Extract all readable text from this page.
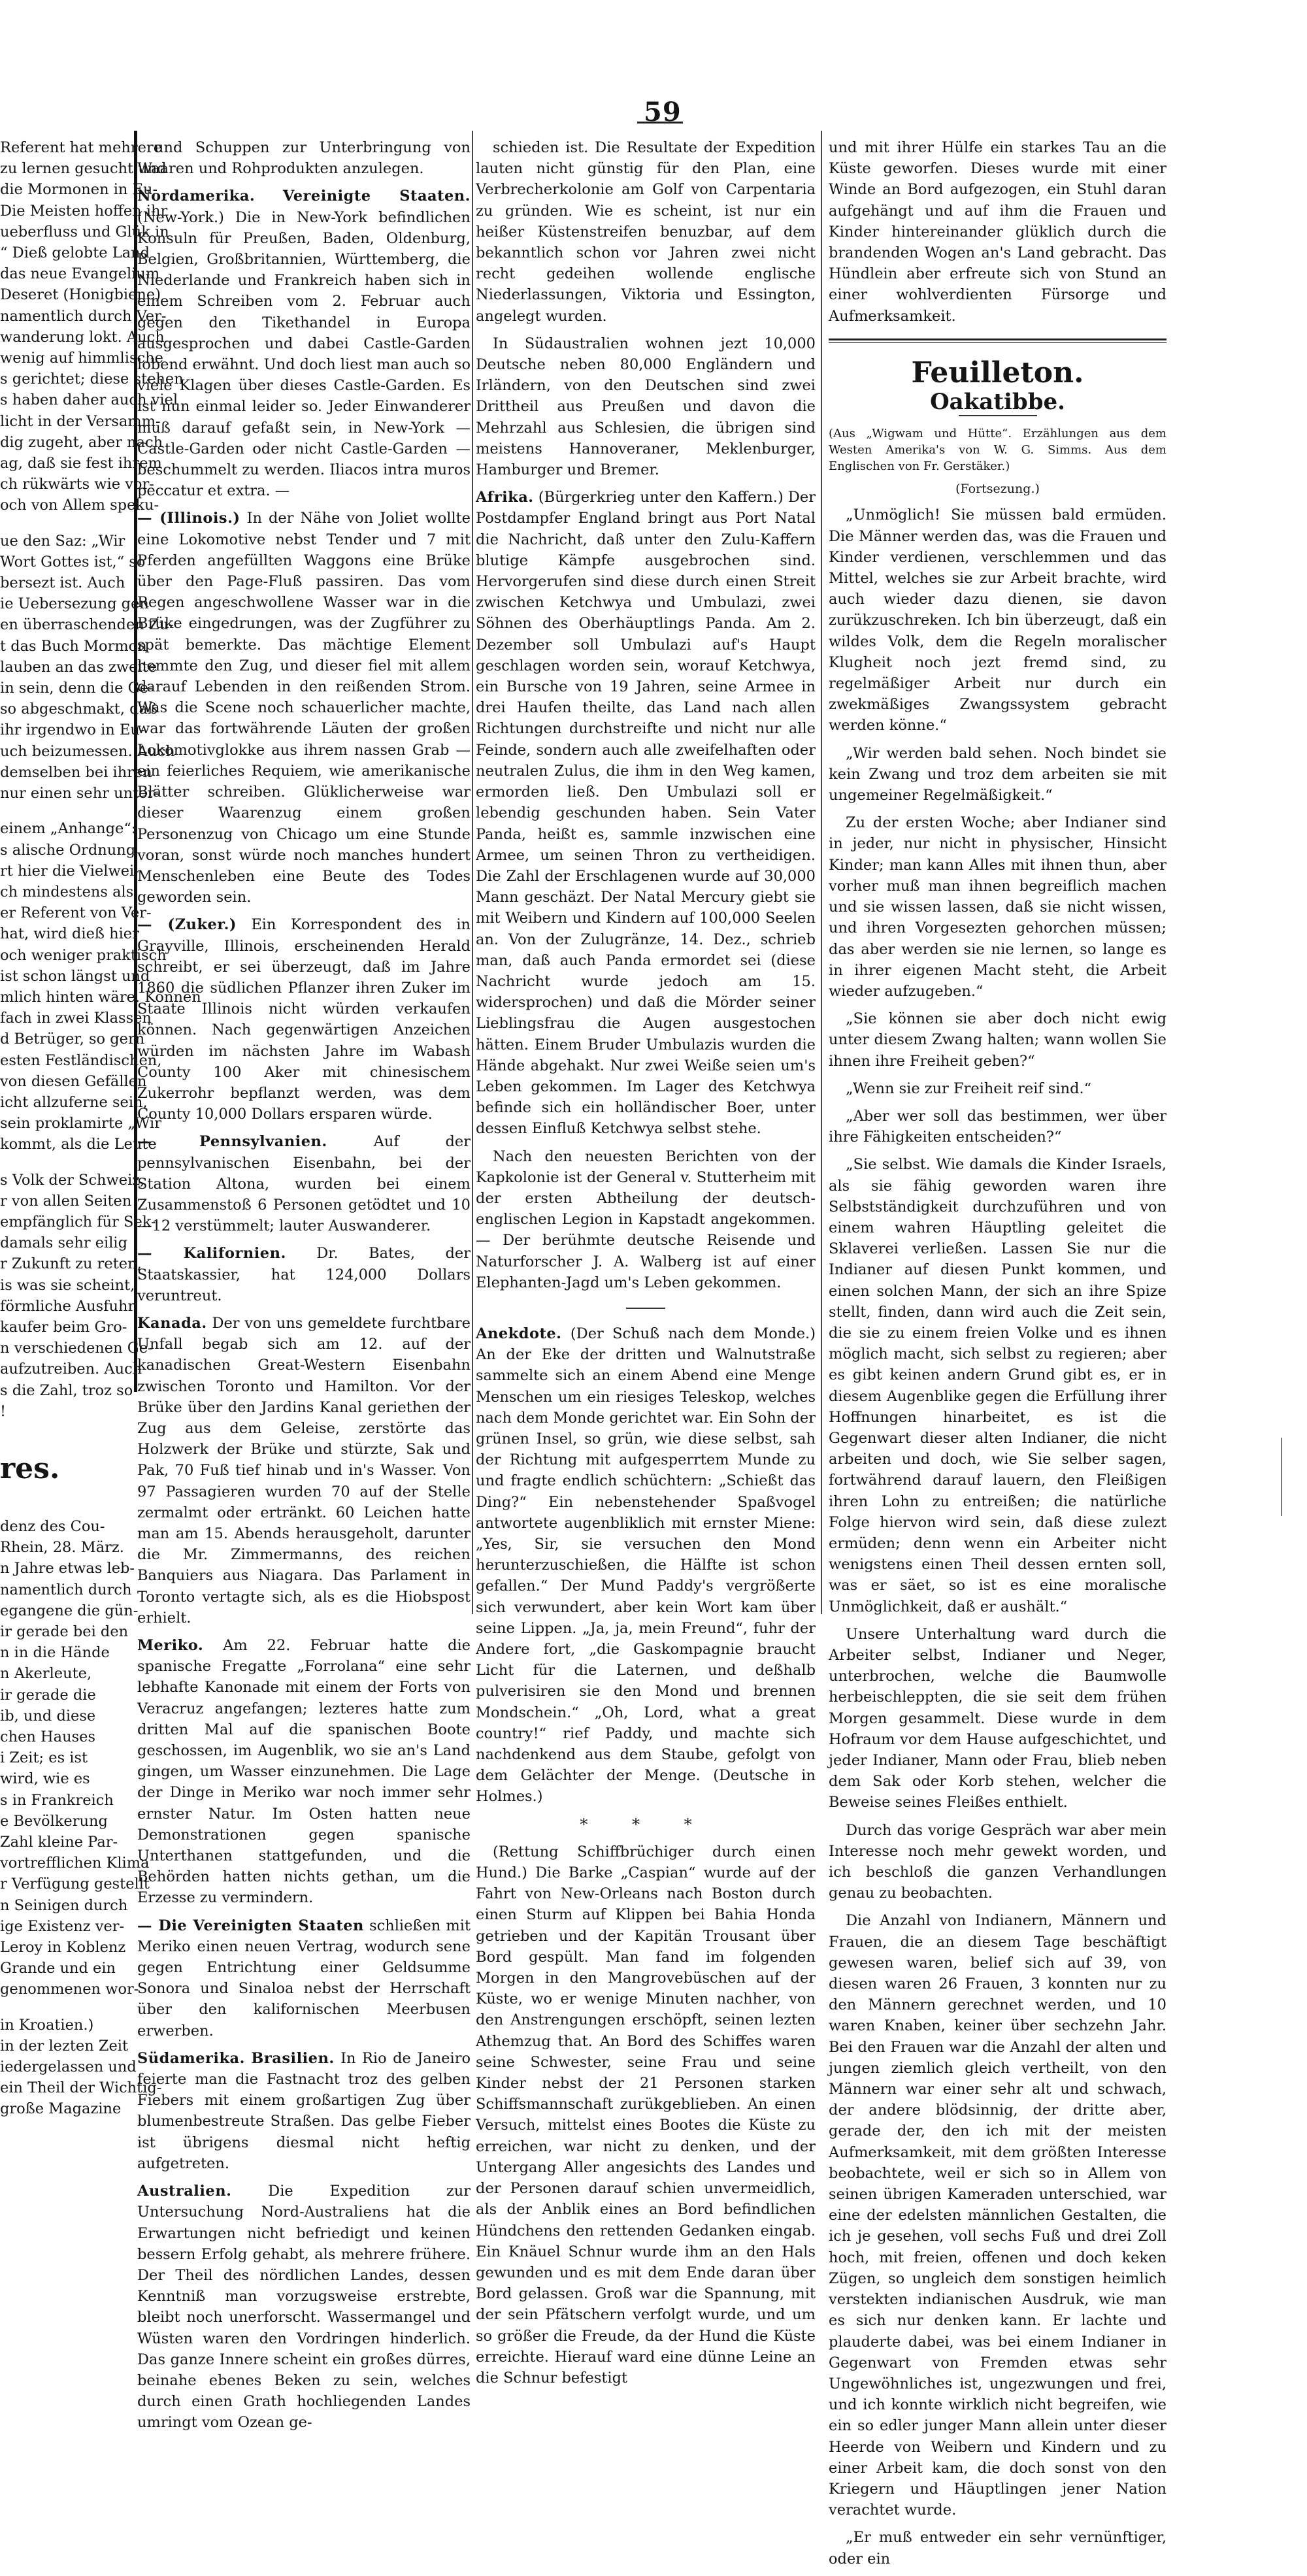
59

Referent hat mehrere

zu lernen gesucht und

die Mormonen in Eu-

Die Meisten hoffen ihr

ueberfluss und Glük in

“ Dieß gelobte Land

das neue Evangelium

Deseret (Honigbiene)

namentlich durch Ver-

wanderung lokt. Auch

wenig auf himmlische

s gerichtet; diese stehen

s haben daher auch viel

licht in der Versamm-

dig zugeht, aber nach

ag, daß sie fest ihrem

ch rükwärts wie vor-

och von Allem speku-

ue den Saz: „Wir

Wort Gottes ist,“ so

bersezt ist. Auch

ie Uebersezung gen

en überraschenden Zu-

t das Buch Mormon

lauben an das zweite

in sein, denn die Ge-

so abgeschmakt, daß

ihr irgendwo in Eu-

uch beizumessen. Auch

demselben bei ihren

nur einen sehr unter-

einem „Anhange“:

s alische Ordnung

rt hier die Vielwei-

ch mindestens als

er Referent von Ver-

hat, wird dieß hier

och weniger praktisch

ist schon längst und

mlich hinten wäre. Können

fach in zwei Klassen

d Betrüger, so gern

esten Festländischen,

von diesen Gefällen

icht allzuferne sein,

sein proklamirte „Wir

kommt, als die Leute

s Volk der Schweiz,

r von allen Seiten

empfänglich für Sek-

damals sehr eilig

r Zukunft zu reten,

is was sie scheint,

förmliche Ausfuhr

kaufer beim Gro-

n verschiedenen Ge-

aufzutreiben. Auch

s die Zahl, troz so

!

res.

denz des Cou-

Rhein, 28. März.

n Jahre etwas leb-

namentlich durch

egangene die gün-

ir gerade bei den

n in die Hände

n Akerleute,

ir gerade die

ib, und diese

chen Hauses

i Zeit; es ist

wird, wie es

s in Frankreich

e Bevölkerung

Zahl kleine Par-

vortrefflichen Klima

r Verfügung gestellt

n Seinigen durch

ige Existenz ver-

Leroy in Koblenz

Grande und ein

genommenen wor-

in Kroatien.)

in der lezten Zeit

iedergelassen und

ein Theil der Wichtig-

große Magazine

und Schuppen zur Unterbringung von Waaren und Rohprodukten anzulegen.

Nordamerika. Vereinigte Staaten. (New-York.) Die in New-York befindlichen Konsuln für Preußen, Baden, Oldenburg, Belgien, Großbritannien, Württemberg, die Niederlande und Frankreich haben sich in einem Schreiben vom 2. Februar auch gegen den Tikethandel in Europa ausgesprochen und dabei Castle-Garden lobend erwähnt. Und doch liest man auch so viele Klagen über dieses Castle-Garden. Es ist nun einmal leider so. Jeder Einwanderer muß darauf gefaßt sein, in New-York — Castle-Garden oder nicht Castle-Garden — beschummelt zu werden. Iliacos intra muros peccatur et extra. —

— (Illinois.) In der Nähe von Joliet wollte eine Lokomotive nebst Tender und 7 mit Pferden angefüllten Waggons eine Brüke über den Page-Fluß passiren. Das vom Regen angeschwollene Wasser war in die Brüke eingedrungen, was der Zugführer zu spät bemerkte. Das mächtige Element hemmte den Zug, und dieser fiel mit allem darauf Lebenden in den reißenden Strom. Was die Scene noch schauerlicher machte, war das fortwährende Läuten der großen Lokomotivglokke aus ihrem nassen Grab — ein feierliches Requiem, wie amerikanische Blätter schreiben. Glüklicherweise war dieser Waarenzug einem großen Personenzug von Chicago um eine Stunde voran, sonst würde noch manches hundert Menschenleben eine Beute des Todes geworden sein.

— (Zuker.) Ein Korrespondent des in Grayville, Illinois, erscheinenden Herald schreibt, er sei überzeugt, daß im Jahre 1860 die südlichen Pflanzer ihren Zuker im Staate Illinois nicht würden verkaufen können. Nach gegenwärtigen Anzeichen würden im nächsten Jahre im Wabash County 100 Aker mit chinesischem Zukerrohr bepflanzt werden, was dem County 10,000 Dollars ersparen würde.

— Pennsylvanien.	Auf der pennsylvanischen Eisenbahn, bei der Station Altona, wurden bei einem Zusammenstoß 6 Personen getödtet und 10—12 verstümmelt; lauter Auswanderer.

— Kalifornien. Dr. Bates, der Staatskassier, hat 124,000 Dollars veruntreut.

Kanada. Der von uns gemeldete furchtbare Unfall begab sich am 12. auf der kanadischen Great-Western Eisenbahn zwischen Toronto und Hamilton. Vor der Brüke über den Jardins Kanal geriethen der Zug aus dem Geleise, zerstörte das Holzwerk der Brüke und stürzte, Sak und Pak, 70 Fuß tief hinab und in's Wasser. Von 97 Passagieren wurden 70 auf der Stelle zermalmt oder ertränkt. 60 Leichen hatte man am 15. Abends herausgeholt, darunter die Mr. Zimmermanns, des reichen Banquiers aus Niagara. Das Parlament in Toronto vertagte sich, als es die Hiobspost erhielt.

Meriko. Am 22. Februar hatte die spanische Fregatte „Forrolana“ eine sehr lebhafte Kanonade mit einem der Forts von Veracruz angefangen; lezteres hatte zum dritten Mal auf die spanischen Boote geschossen, im Augenblik, wo sie an's Land gingen, um Wasser einzunehmen. Die Lage der Dinge in Meriko war noch immer sehr ernster Natur. Im Osten hatten neue Demonstrationen gegen spanische Unterthanen stattgefunden, und die Behörden hatten nichts gethan, um die Erzesse zu vermindern.

— Die Vereinigten Staaten schließen mit Meriko einen neuen Vertrag, wodurch sene gegen Entrichtung einer Geldsumme Sonora und Sinaloa nebst der Herrschaft über den kalifornischen Meerbusen erwerben.

Südamerika. Brasilien. In Rio de Janeiro feierte man die Fastnacht troz des gelben Fiebers mit einem großartigen Zug über blumenbestreute Straßen. Das gelbe Fieber ist übrigens diesmal nicht heftig aufgetreten.

Australien. Die Expedition zur Untersuchung Nord-Australiens hat die Erwartungen nicht befriedigt und keinen bessern Erfolg gehabt, als mehrere frühere. Der Theil des nördlichen Landes, dessen Kenntniß man vorzugsweise erstrebte, bleibt noch unerforscht. Wassermangel und Wüsten waren den Vordringen hinderlich. Das ganze Innere scheint ein großes dürres, beinahe ebenes Beken zu sein, welches durch einen Grath hochliegenden Landes umringt vom Ozean ge-

schieden ist. Die Resultate der Expedition lauten nicht günstig für den Plan, eine Verbrecherkolonie am Golf von Carpentaria zu gründen. Wie es scheint, ist nur ein heißer Küstenstreifen benuzbar, auf dem bekanntlich schon vor Jahren zwei nicht recht gedeihen wollende englische Niederlassungen, Viktoria und Essington, angelegt wurden.

In Südaustralien wohnen jezt 10,000 Deutsche neben 80,000 Engländern und Irländern, von den Deutschen sind zwei Drittheil aus Preußen und davon die Mehrzahl aus Schlesien, die übrigen sind meistens Hannoveraner, Meklenburger, Hamburger und Bremer.

Afrika. (Bürgerkrieg unter den Kaffern.) Der Postdampfer England bringt aus Port Natal die Nachricht, daß unter den Zulu-Kaffern blutige Kämpfe ausgebrochen sind. Hervorgerufen sind diese durch einen Streit zwischen Ketchwya und Umbulazi, zwei Söhnen des Oberhäuptlings Panda. Am 2. Dezember soll Umbulazi auf's Haupt geschlagen worden sein, worauf Ketchwya, ein Bursche von 19 Jahren, seine Armee in drei Haufen theilte, das Land nach allen Richtungen durchstreifte und nicht nur alle Feinde, sondern auch alle zweifelhaften oder neutralen Zulus, die ihm in den Weg kamen, ermorden ließ. Den Umbulazi soll er lebendig geschunden haben. Sein Vater Panda, heißt es, sammle inzwischen eine Armee, um seinen Thron zu vertheidigen. Die Zahl der Erschlagenen wurde auf 30,000 Mann geschäzt. Der Natal Mercury giebt sie mit Weibern und Kindern auf 100,000 Seelen an. Von der Zulugränze, 14. Dez., schrieb man, daß auch Panda ermordet sei (diese Nachricht wurde jedoch am 15. widersprochen) und daß die Mörder seiner Lieblingsfrau die Augen ausgestochen hätten. Einem Bruder Umbulazis wurden die Hände abgehakt. Nur zwei Weiße seien um's Leben gekommen. Im Lager des Ketchwya befinde sich ein holländischer Boer, unter dessen Einfluß Ketchwya selbst stehe.

Nach den neuesten Berichten von der Kapkolonie ist der General v. Stutterheim mit der ersten Abtheilung der deutsch-englischen Legion in Kapstadt angekommen. — Der berühmte deutsche Reisende und Naturforscher J. A. Walberg ist auf einer Elephanten-Jagd um's Leben gekommen.

Anekdote. (Der Schuß nach dem Monde.) An der Eke der dritten und Walnutstraße sammelte sich an einem Abend eine Menge Menschen um ein riesiges Teleskop, welches nach dem Monde gerichtet war. Ein Sohn der grünen Insel, so grün, wie diese selbst, sah der Richtung mit aufgesperrtem Munde zu und fragte endlich schüchtern: „Schießt das Ding?“ Ein nebenstehender Spaßvogel antwortete augenbliklich mit ernster Miene: „Yes, Sir, sie versuchen den Mond herunterzuschießen, die Hälfte ist schon gefallen.“ Der Mund Paddy's vergrößerte sich verwundert, aber kein Wort kam über seine Lippen. „Ja, ja, mein Freund“, fuhr der Andere fort, „die Gaskompagnie braucht Licht für die Laternen, und deßhalb pulverisiren sie den Mond und brennen Mondschein.“ „Oh, Lord, what a great country!“ rief Paddy, und machte sich nachdenkend aus dem Staube, gefolgt von dem Gelächter der Menge. (Deutsche in Holmes.)

* * *

(Rettung Schiffbrüchiger durch einen Hund.) Die Barke „Caspian“ wurde auf der Fahrt von New-Orleans nach Boston durch einen Sturm auf Klippen bei Bahia Honda getrieben und der Kapitän Trousant über Bord gespült. Man fand im folgenden Morgen in den Mangrovebüschen auf der Küste, wo er wenige Minuten nachher, von den Anstrengungen erschöpft, seinen lezten Athemzug that. An Bord des Schiffes waren seine Schwester, seine Frau und seine Kinder nebst der 21 Personen starken Schiffsmannschaft zurükgeblieben. An einen Versuch, mittelst eines Bootes die Küste zu erreichen, war nicht zu denken, und der Untergang Aller angesichts des Landes und der Personen darauf schien unvermeidlich, als der Anblik eines an Bord befindlichen Hündchens den rettenden Gedanken eingab. Ein Knäuel Schnur wurde ihm an den Hals gewunden und es mit dem Ende daran über Bord gelassen. Groß war die Spannung, mit der sein Pfätschern verfolgt wurde, und um so größer die Freude, da der Hund die Küste erreichte. Hierauf ward eine dünne Leine an die Schnur befestigt

und mit ihrer Hülfe ein starkes Tau an die Küste geworfen. Dieses wurde mit einer Winde an Bord aufgezogen, ein Stuhl daran aufgehängt und auf ihm die Frauen und Kinder hintereinander glüklich durch die brandenden Wogen an's Land gebracht. Das Hündlein aber erfreute sich von Stund an einer wohlverdienten Fürsorge und Aufmerksamkeit.

Feuilleton.
Oakatibbe.
(Aus „Wigwam und Hütte“. Erzählungen aus dem Westen Amerika's von W. G. Simms. Aus dem Englischen von Fr. Gerstäker.)
(Fortsezung.)

„Unmöglich! Sie müssen bald ermüden. Die Männer werden das, was die Frauen und Kinder verdienen, verschlemmen und das Mittel, welches sie zur Arbeit brachte, wird auch wieder dazu dienen, sie davon zurükzuschreken. Ich bin überzeugt, daß ein wildes Volk, dem die Regeln moralischer Klugheit noch jezt fremd sind, zu regelmäßiger Arbeit nur durch ein zwekmäßiges Zwangssystem gebracht werden könne.“

„Wir werden bald sehen. Noch bindet sie kein Zwang und troz dem arbeiten sie mit ungemeiner Regelmäßigkeit.“

Zu der ersten Woche; aber Indianer sind in jeder, nur nicht in physischer, Hinsicht Kinder; man kann Alles mit ihnen thun, aber vorher muß man ihnen begreiflich machen und sie wissen lassen, daß sie nicht wissen, und ihren Vorgesezten gehorchen müssen; das aber werden sie nie lernen, so lange es in ihrer eigenen Macht steht, die Arbeit wieder aufzugeben.“

„Sie können sie aber doch nicht ewig unter diesem Zwang halten; wann wollen Sie ihnen ihre Freiheit geben?“

„Wenn sie zur Freiheit reif sind.“

„Aber wer soll das bestimmen, wer über ihre Fähigkeiten entscheiden?“

„Sie selbst. Wie damals die Kinder Israels, als sie fähig geworden waren ihre Selbstständigkeit durchzuführen und von einem wahren Häuptling geleitet die Sklaverei verließen. Lassen Sie nur die Indianer auf diesen Punkt kommen, und einen solchen Mann, der sich an ihre Spize stellt, finden, dann wird auch die Zeit sein, die sie zu einem freien Volke und es ihnen möglich macht, sich selbst zu regieren; aber es gibt keinen andern Grund gibt es, er in diesem Augenblike gegen die Erfüllung ihrer Hoffnungen hinarbeitet, es ist die Gegenwart dieser alten Indianer, die nicht arbeiten und doch, wie Sie selber sagen, fortwährend darauf lauern, den Fleißigen ihren Lohn zu entreißen; die natürliche Folge hiervon wird sein, daß diese zulezt ermüden; denn wenn ein Arbeiter nicht wenigstens einen Theil dessen ernten soll, was er säet, so ist es eine moralische Unmöglichkeit, daß er aushält.“

Unsere Unterhaltung ward durch die Arbeiter selbst, Indianer und Neger, unterbrochen, welche die Baumwolle herbeischleppten, die sie seit dem frühen Morgen gesammelt. Diese wurde in dem Hofraum vor dem Hause aufgeschichtet, und jeder Indianer, Mann oder Frau, blieb neben dem Sak oder Korb stehen, welcher die Beweise seines Fleißes enthielt.

Durch das vorige Gespräch war aber mein Interesse noch mehr gewekt worden, und ich beschloß die ganzen Verhandlungen genau zu beobachten.

Die Anzahl von Indianern, Männern und Frauen, die an diesem Tage beschäftigt gewesen waren, belief sich auf 39, von diesen waren 26 Frauen, 3 konnten nur zu den Männern gerechnet werden, und 10 waren Knaben, keiner über sechzehn Jahr. Bei den Frauen war die Anzahl der alten und jungen ziemlich gleich vertheilt, von den Männern war einer sehr alt und schwach, der andere blödsinnig, der dritte aber, gerade der, den ich mit der meisten Aufmerksamkeit, mit dem größten Interesse beobachtete, weil er sich so in Allem von seinen übrigen Kameraden unterschied, war eine der edelsten männlichen Gestalten, die ich je gesehen, voll sechs Fuß und drei Zoll hoch, mit freien, offenen und doch keken Zügen, so ungleich dem sonstigen heimlich verstekten indianischen Ausdruk, wie man es sich nur denken kann. Er lachte und plauderte dabei, was bei einem Indianer in Gegenwart von Fremden etwas sehr Ungewöhnliches ist, ungezwungen und frei, und ich konnte wirklich nicht begreifen, wie ein so edler junger Mann allein unter dieser Heerde von Weibern und Kindern und zu einer Arbeit kam, die doch sonst von den Kriegern und Häuptlingen jener Nation verachtet wurde.

„Er muß entweder ein sehr vernünftiger, oder ein
